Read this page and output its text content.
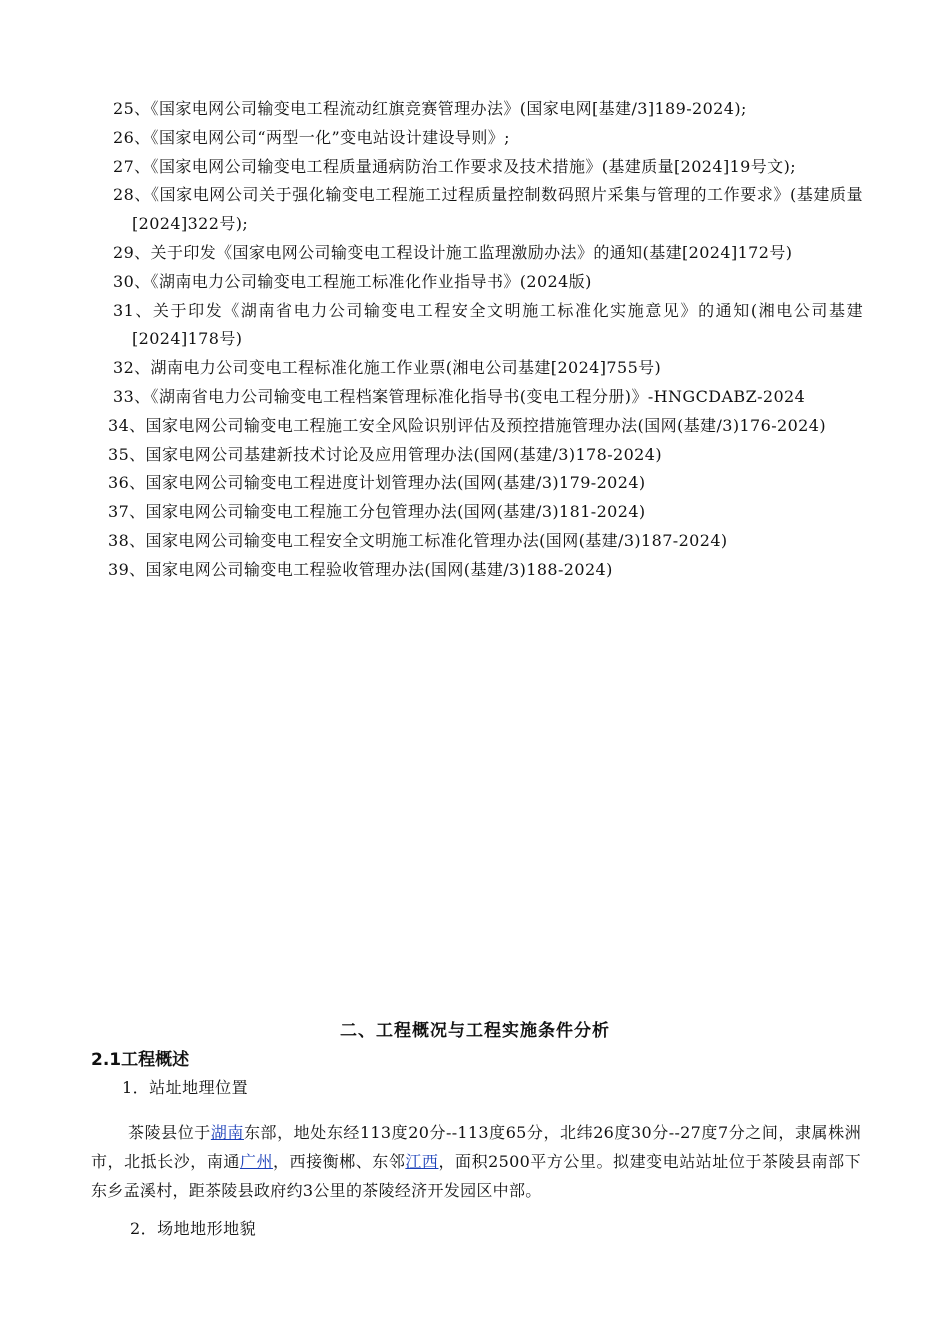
25、《国家电网公司输变电工程流动红旗竞赛管理办法》(国家电网[基建/3]189-2024);
26、《国家电网公司“两型一化”变电站设计建设导则》;
27、《国家电网公司输变电工程质量通病防治工作要求及技术措施》(基建质量[2024]19号文);
28、《国家电网公司关于强化输变电工程施工过程质量控制数码照片采集与管理的工作要求》(基建质量[2024]322号);
29、关于印发《国家电网公司输变电工程设计施工监理激励办法》的通知(基建[2024]172号)
30、《湖南电力公司输变电工程施工标准化作业指导书》(2024版)
31、关于印发《湖南省电力公司输变电工程安全文明施工标准化实施意见》的通知(湘电公司基建[2024]178号)
32、湖南电力公司变电工程标准化施工作业票(湘电公司基建[2024]755号)
33、《湖南省电力公司输变电工程档案管理标准化指导书(变电工程分册)》-HNGCDABZ-2024
34、国家电网公司输变电工程施工安全风险识别评估及预控措施管理办法(国网(基建/3)176-2024)
35、国家电网公司基建新技术讨论及应用管理办法(国网(基建/3)178-2024)
36、国家电网公司输变电工程进度计划管理办法(国网(基建/3)179-2024)
37、国家电网公司输变电工程施工分包管理办法(国网(基建/3)181-2024)
38、国家电网公司输变电工程安全文明施工标准化管理办法(国网(基建/3)187-2024)
39、国家电网公司输变电工程验收管理办法(国网(基建/3)188-2024)
二、工程概况与工程实施条件分析
2.1工程概述
1．站址地理位置

茶陵县位于湖南东部，地处东经113度20分--113度65分，北纬26度30分--27度7分之间，隶属株洲市，北抵长沙，南通广州，西接衡郴、东邻江西，面积2500平方公里。拟建变电站站址位于茶陵县南部下东乡孟溪村，距茶陵县政府约3公里的茶陵经济开发园区中部。

2．场地地形地貌
